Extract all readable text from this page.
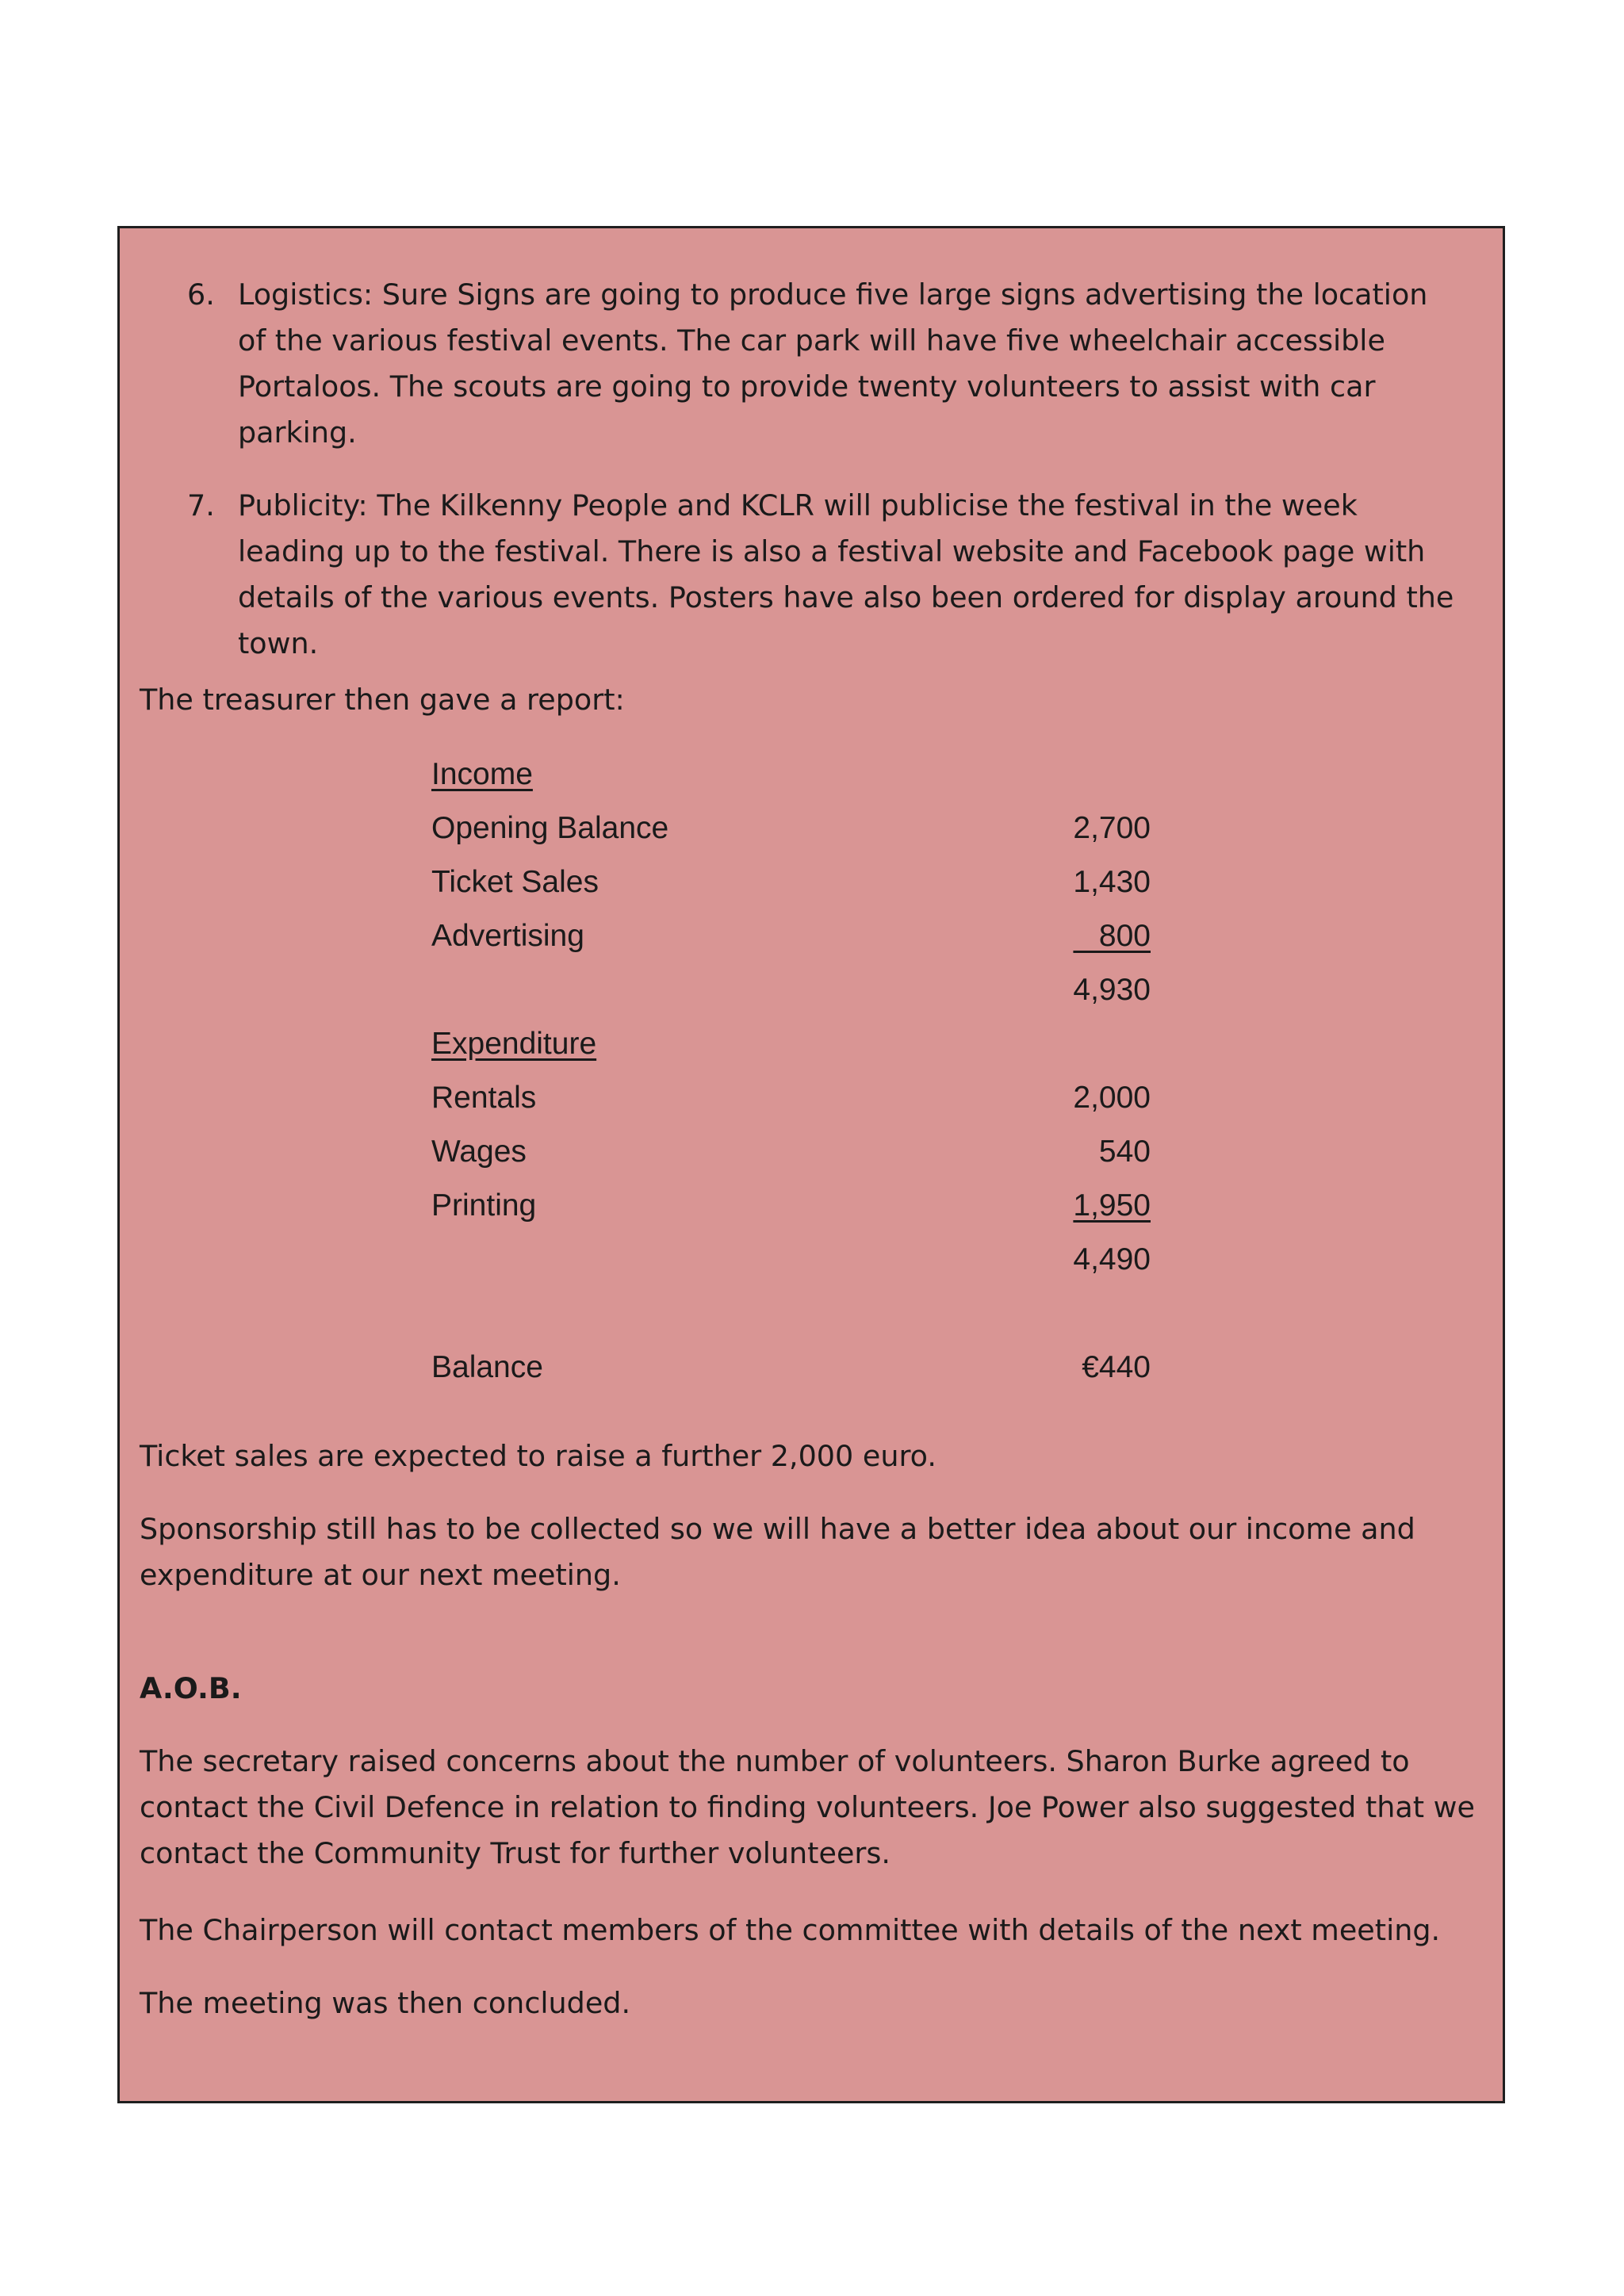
6. Logistics: Sure Signs are going to produce five large signs advertising the location of the various festival events. The car park will have five wheelchair accessible Portaloos. The scouts are going to provide twenty volunteers to assist with car parking.
7. Publicity: The Kilkenny People and KCLR will publicise the festival in the week leading up to the festival. There is also a festival website and Facebook page with details of the various events. Posters have also been ordered for display around the town.
The treasurer then gave a report:
Income
Opening Balance	2,700
Ticket Sales	1,430
Advertising	800
4,930
Expenditure
Rentals	2,000
Wages	540
Printing	1,950
4,490
Balance	€440
Ticket sales are expected to raise a further 2,000 euro.
Sponsorship still has to be collected so we will have a better idea about our income and expenditure at our next meeting.
A.O.B.
The secretary raised concerns about the number of volunteers. Sharon Burke agreed to contact the Civil Defence in relation to finding volunteers. Joe Power also suggested that we contact the Community Trust for further volunteers.
The Chairperson will contact members of the committee with details of the next meeting.
The meeting was then concluded.
